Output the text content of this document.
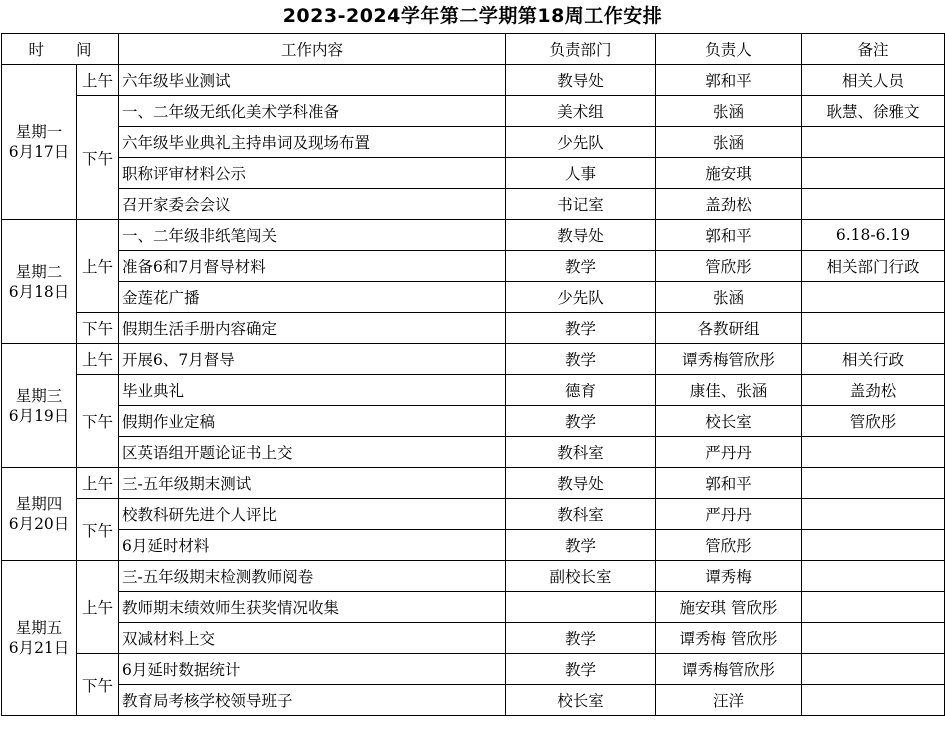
2023-2024学年第二学期第18周工作安排
时 间		工作内容	负责部门	负责人	备注

星期一
6月17日	上午	六年级毕业测试	教导处	郭和平	相关人员
	下午	一、二年级无纸化美术学科准备	美术组	张涵	耿慧、徐雅文
		六年级毕业典礼主持串词及现场布置	少先队	张涵	
		职称评审材料公示	人事	施安琪	
		召开家委会会议	书记室	盖劲松	

星期二
6月18日	上午	一、二年级非纸笔闯关	教导处	郭和平	6.18-6.19
		准备6和7月督导材料	教学	管欣彤	相关部门行政
		金莲花广播	少先队	张涵	
	下午	假期生活手册内容确定	教学	各教研组	

星期三
6月19日	上午	开展6、7月督导	教学	谭秀梅管欣彤	相关行政
	下午	毕业典礼	德育	康佳、张涵	盖劲松
		假期作业定稿	教学	校长室	管欣彤
		区英语组开题论证书上交	教科室	严丹丹	

星期四
6月20日	上午	三-五年级期末测试	教导处	郭和平	
	下午	校教科研先进个人评比	教科室	严丹丹	
		6月延时材料	教学	管欣彤	

星期五
6月21日	上午	三-五年级期末检测教师阅卷	副校长室	谭秀梅	
		教师期末绩效师生获奖情况收集		施安琪 管欣彤	
		双减材料上交	教学	谭秀梅 管欣彤	
	下午	6月延时数据统计	教学	谭秀梅管欣彤	
		教育局考核学校领导班子	校长室	汪洋	
